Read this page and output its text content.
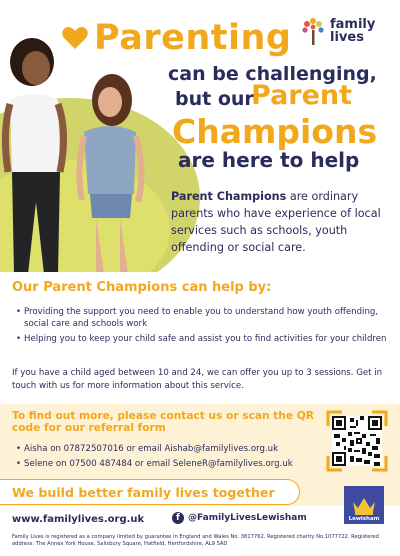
family
lives
Parenting
can be challenging,
but our
Parent
Champions
are here to help

Parent Champions are ordinary parents who have experience of local services such as schools, youth offending or social care.

Our Parent Champions can help by:
• Providing the support you need to enable you to understand how youth offending, social care and schools work
• Helping you to keep your child safe and assist you to find activities for your children

If you have a child aged between 10 and 24, we can offer you up to 3 sessions. Get in touch with us for more information about this service.

To find out more, please contact us or scan the QR code for our referral form
• Aisha on 07872507016 or email Aishab@familylives.org.uk
• Selene on 07500 487484 or email SeleneR@familylives.org.uk
We build better family lives together
www.familylives.org.uk	f @FamilyLivesLewisham

Family Lives is registered as a company limited by guarantee in England and Wales No. 3817762. Registered charity No.1077722. Registered address: The Annex York House, Salisbury Square, Hatfield, Hertfordshire, AL9 5AD

Lewisham
